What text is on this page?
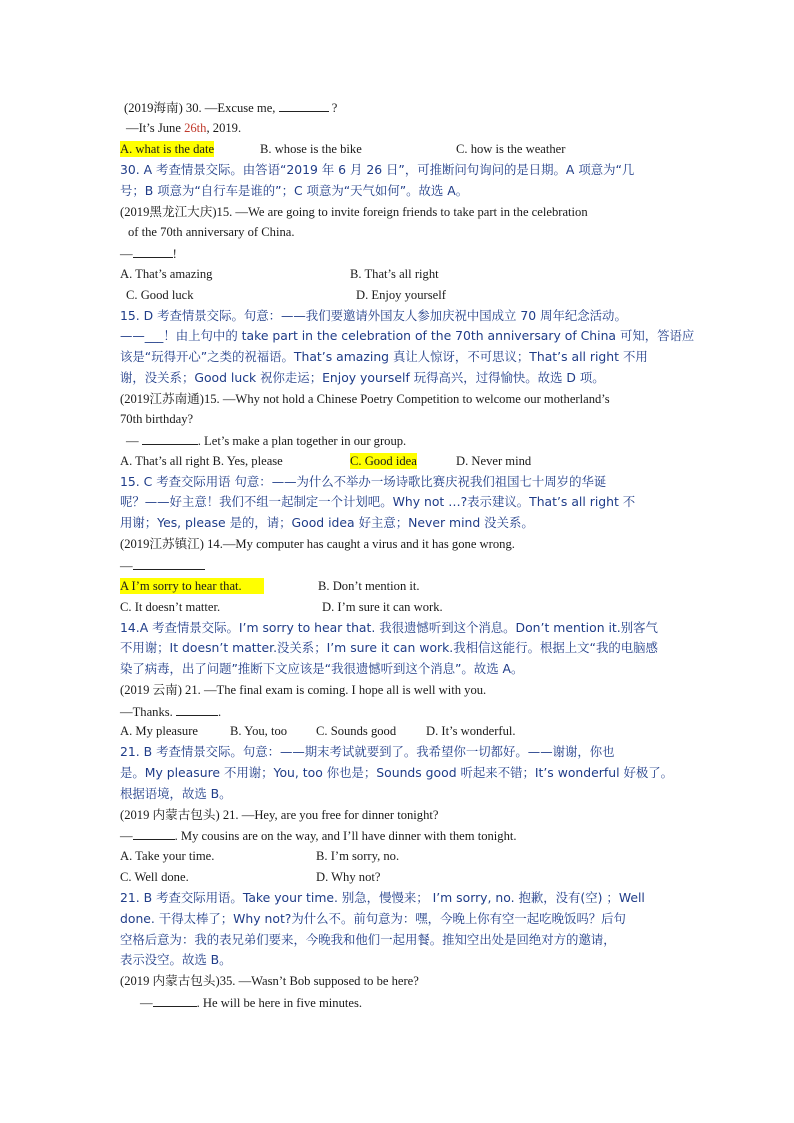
(2019海南) 30. —Excuse me,	?
—It’s June 26th, 2019.
A. what is the date	B. whose is the bike	C. how is the weather
30. A 考查情景交际。由答语“2019 年 6 月 26 日”，可推断问句询问的是日期。A 项意为“几
号；B 项意为“自行车是谁的”；C 项意为“天气如何”。故选 A。
(2019黑龙江大庆)15. —We are going to invite foreign friends to take part in the celebration
of the 70th anniversary of China.
—	!
A. That’s amazing	B. That’s all right
C. Good luck	D. Enjoy yourself
15. D 考查情景交际。句意：——我们要邀请外国友人参加庆祝中国成立 70 周年纪念活动。
——___！由上句中的 take part in the celebration of the 70th anniversary of China 可知，答语应
该是“玩得开心”之类的祝福语。That’s amazing 真让人惊讶，不可思议；That’s all right 不用
谢，没关系；Good luck 祝你走运；Enjoy yourself 玩得高兴，过得愉快。故选 D 项。
(2019江苏南通)15. —Why not hold a Chinese Poetry Competition to welcome our motherland’s
70th birthday?
—	. Let’s make a plan together in our group.
A. That’s all right B. Yes, please	C. Good idea	D. Never mind
15. C 考查交际用语 句意：——为什么不举办一场诗歌比赛庆祝我们祖国七十周岁的华诞
呢？——好主意！我们不组一起制定一个计划吧。Why not …?表示建议。That’s all right 不
用谢；Yes, please 是的，请；Good idea 好主意；Never mind 没关系。
(2019江苏镇江) 14.—My computer has caught a virus and it has gone wrong.
—
A I’m sorry to hear that.	B. Don’t mention it.
C. It doesn’t matter.	D. I’m sure it can work.
14.A 考查情景交际。I’m sorry to hear that. 我很遗憾听到这个消息。Don’t mention it.别客气
不用谢；It doesn’t matter.没关系；I’m sure it can work.我相信这能行。根据上文“我的电脑感
染了病毒，出了问题”推断下文应该是“我很遗憾听到这个消息”。故选 A。
(2019 云南) 21. —The final exam is coming. I hope all is well with you.
—Thanks.	.
A. My pleasure	B. You, too C. Sounds good D. It’s wonderful.
21. B 考查情景交际。句意：——期末考试就要到了。我希望你一切都好。——谢谢，你也
是。My pleasure 不用谢；You, too 你也是；Sounds good 听起来不错；It’s wonderful 好极了。
根据语境，故选 B。
(2019 内蒙古包头) 21. —Hey, are you free for dinner tonight?
—	. My cousins are on the way, and I’ll have dinner with them tonight.
A. Take your time.	B. I’m sorry, no.
C. Well done.	D. Why not?
21. B 考查交际用语。Take your time. 别急，慢慢来； I’m sorry, no. 抱歉，没有(空) ；Well
done. 干得太棒了；Why not?为什么不。前句意为：嘿，今晚上你有空一起吃晚饭吗？后句
空格后意为：我的表兄弟们要来，今晚我和他们一起用餐。推知空出处是回绝对方的邀请，
表示没空。故选 B。
(2019 内蒙古包头)35. —Wasn’t Bob supposed to be here?
—	. He will be here in five minutes.
